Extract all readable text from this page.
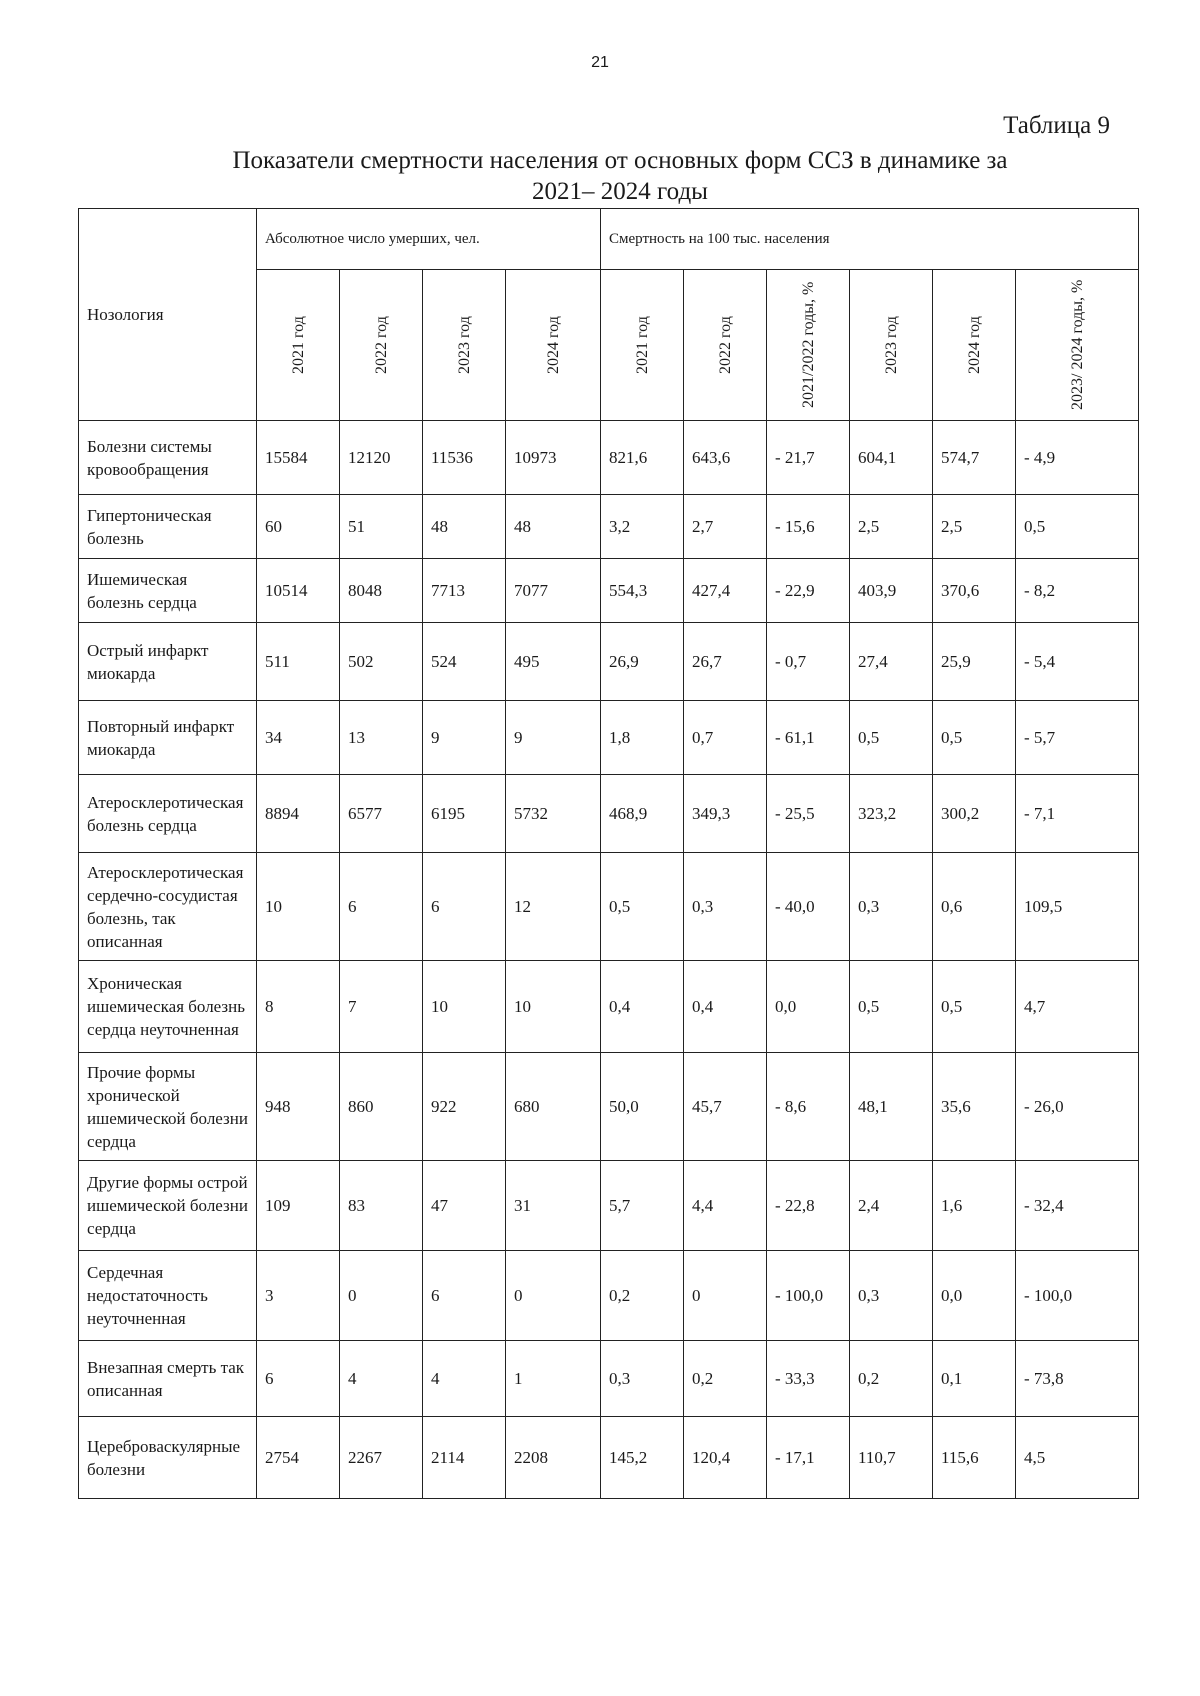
21
Таблица 9
Показатели смертности населения от основных форм ССЗ в динамике за
2021– 2024 годы
Нозология	Абсолютное число умерших, чел.				Смертность на 100 тыс. населения					

2021 год	2022 год	2023 год	2024 год	2021 год	2022 год	2021/2022 годы, %	2023 год	2024 год	2023/ 2024 годы, %

Болезни системы кровообращения	15584	12120	11536	10973	821,6	643,6	- 21,7	604,1	574,7	- 4,9
Гипертоническая болезнь	60	51	48	48	3,2	2,7	- 15,6	2,5	2,5	0,5
Ишемическая болезнь сердца	10514	8048	7713	7077	554,3	427,4	- 22,9	403,9	370,6	- 8,2
Острый инфаркт миокарда	511	502	524	495	26,9	26,7	- 0,7	27,4	25,9	- 5,4
Повторный инфаркт миокарда	34	13	9	9	1,8	0,7	- 61,1	0,5	0,5	- 5,7
Атеросклеротическая болезнь сердца	8894	6577	6195	5732	468,9	349,3	- 25,5	323,2	300,2	- 7,1
Атеросклеротическая сердечно-сосудистая болезнь, так описанная	10	6	6	12	0,5	0,3	- 40,0	0,3	0,6	109,5
Хроническая ишемическая болезнь сердца неуточненная	8	7	10	10	0,4	0,4	0,0	0,5	0,5	4,7
Прочие формы хронической ишемической болезни сердца	948	860	922	680	50,0	45,7	- 8,6	48,1	35,6	- 26,0
Другие формы острой ишемической болезни сердца	109	83	47	31	5,7	4,4	- 22,8	2,4	1,6	- 32,4
Сердечная недостаточность неуточненная	3	0	6	0	0,2	0	- 100,0	0,3	0,0	- 100,0
Внезапная смерть так описанная	6	4	4	1	0,3	0,2	- 33,3	0,2	0,1	- 73,8
Цереброваскулярные болезни	2754	2267	2114	2208	145,2	120,4	- 17,1	110,7	115,6	4,5
